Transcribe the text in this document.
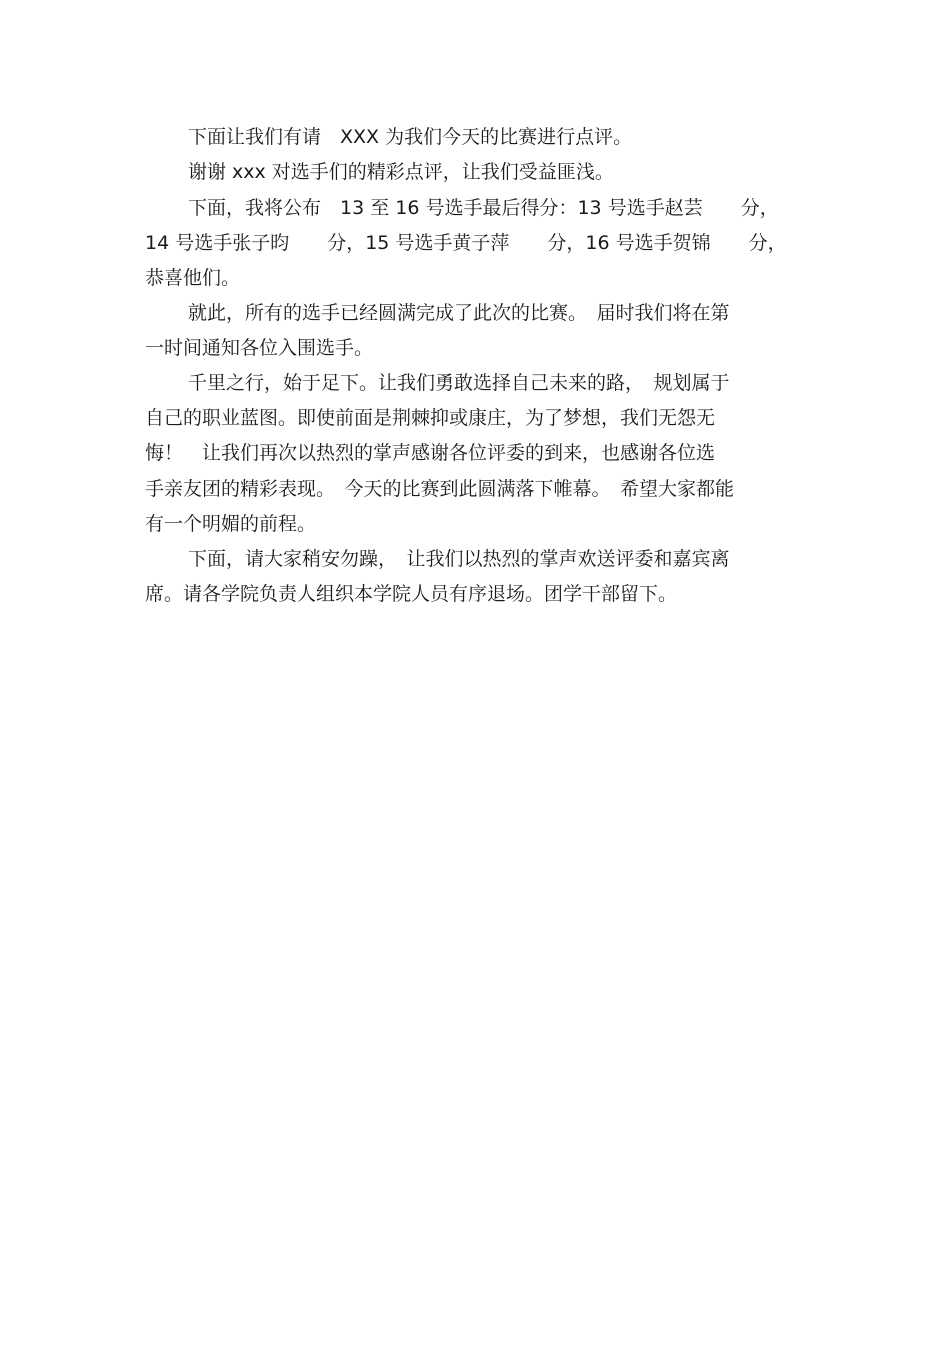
下面让我们有请　XXX 为我们今天的比赛进行点评。
谢谢 xxx 对选手们的精彩点评，让我们受益匪浅。
下面，我将公布　13 至 16 号选手最后得分：13 号选手赵芸　　分，
14 号选手张子昀　　分，15 号选手黄子萍　　分，16 号选手贺锦　　分，
恭喜他们。
就此，所有的选手已经圆满完成了此次的比赛。　届时我们将在第
一时间通知各位入围选手。
千里之行，始于足下。让我们勇敢选择自己未来的路，　规划属于
自己的职业蓝图。即使前面是荆棘抑或康庄，为了梦想，我们无怨无
悔！　让我们再次以热烈的掌声感谢各位评委的到来，也感谢各位选
手亲友团的精彩表现。　今天的比赛到此圆满落下帷幕。　希望大家都能
有一个明媚的前程。
下面，请大家稍安勿躁，　让我们以热烈的掌声欢送评委和嘉宾离
席。请各学院负责人组织本学院人员有序退场。团学干部留下。
